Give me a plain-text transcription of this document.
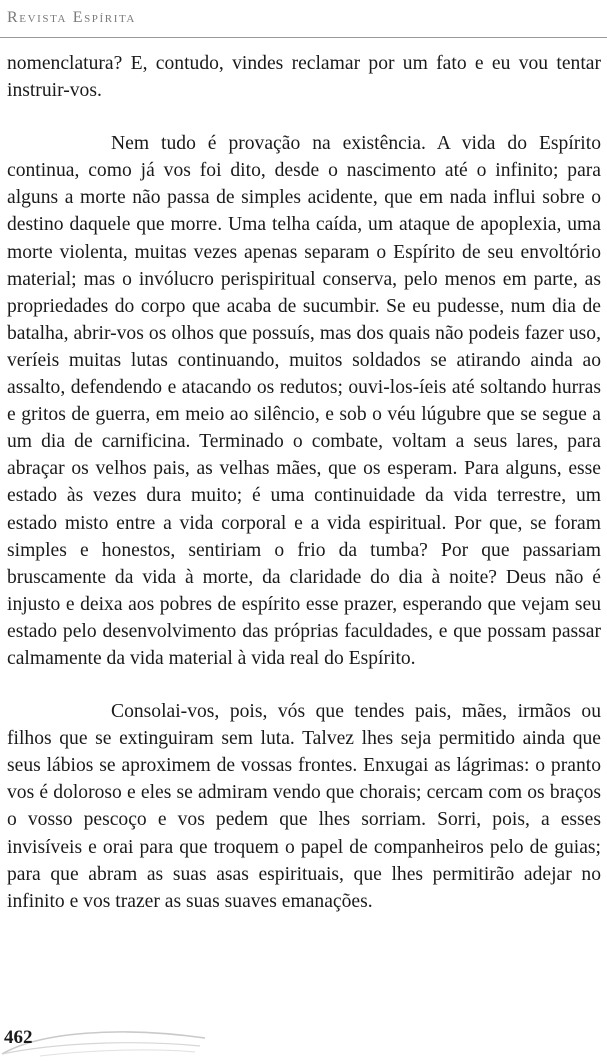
Revista Espírita

nomenclatura? E, contudo, vindes reclamar por um fato e eu vou tentar instruir-vos.

Nem tudo é provação na existência. A vida do Espírito continua, como já vos foi dito, desde o nascimento até o infinito; para alguns a morte não passa de simples acidente, que em nada influi sobre o destino daquele que morre. Uma telha caída, um ataque de apoplexia, uma morte violenta, muitas vezes apenas separam o Espírito de seu envoltório material; mas o invólucro perispiritual conserva, pelo menos em parte, as propriedades do corpo que acaba de sucumbir. Se eu pudesse, num dia de batalha, abrir-vos os olhos que possuís, mas dos quais não podeis fazer uso, veríeis muitas lutas continuando, muitos soldados se atirando ainda ao assalto, defendendo e atacando os redutos; ouvi-los-íeis até soltando hurras e gritos de guerra, em meio ao silêncio, e sob o véu lúgubre que se segue a um dia de carnificina. Terminado o combate, voltam a seus lares, para abraçar os velhos pais, as velhas mães, que os esperam. Para alguns, esse estado às vezes dura muito; é uma continuidade da vida terrestre, um estado misto entre a vida corporal e a vida espiritual. Por que, se foram simples e honestos, sentiriam o frio da tumba? Por que passariam bruscamente da vida à morte, da claridade do dia à noite? Deus não é injusto e deixa aos pobres de espírito esse prazer, esperando que vejam seu estado pelo desenvolvimento das próprias faculdades, e que possam passar calmamente da vida material à vida real do Espírito.

Consolai-vos, pois, vós que tendes pais, mães, irmãos ou filhos que se extinguiram sem luta. Talvez lhes seja permitido ainda que seus lábios se aproximem de vossas frontes. Enxugai as lágrimas: o pranto vos é doloroso e eles se admiram vendo que chorais; cercam com os braços o vosso pescoço e vos pedem que lhes sorriam. Sorri, pois, a esses invisíveis e orai para que troquem o papel de companheiros pelo de guias; para que abram as suas asas espirituais, que lhes permitirão adejar no infinito e vos trazer as suas suaves emanações.

462
